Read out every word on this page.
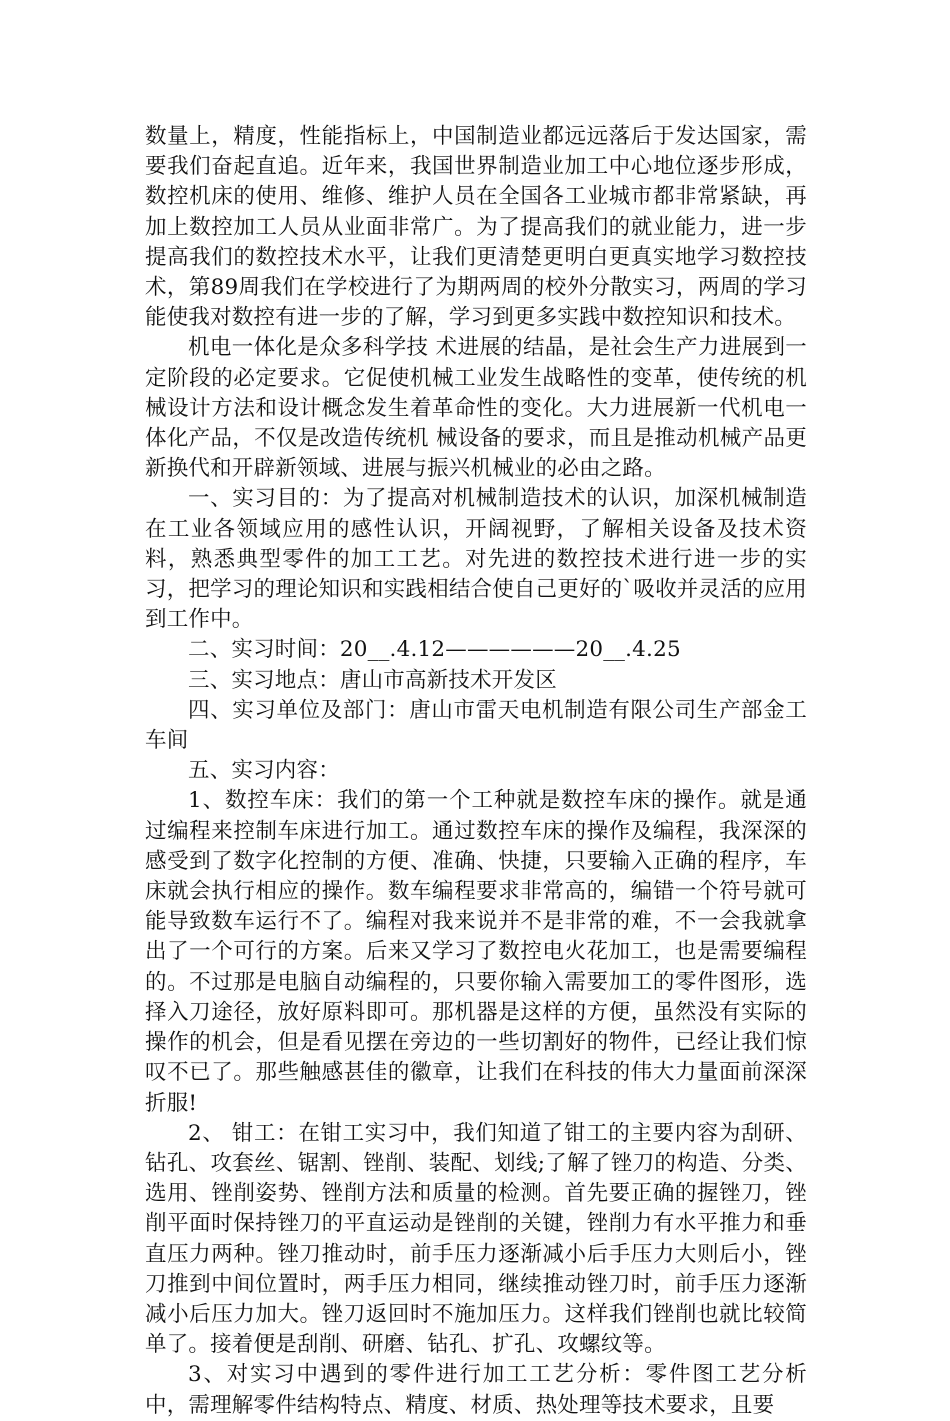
数量上，精度，性能指标上，中国制造业都远远落后于发达国家，需要我们奋起直追。近年来，我国世界制造业加工中心地位逐步形成，数控机床的使用、维修、维护人员在全国各工业城市都非常紧缺，再加上数控加工人员从业面非常广。为了提高我们的就业能力，进一步提高我们的数控技术水平，让我们更清楚更明白更真实地学习数控技术，第89周我们在学校进行了为期两周的校外分散实习，两周的学习能使我对数控有进一步的了解，学习到更多实践中数控知识和技术。

机电一体化是众多科学技 术进展的结晶，是社会生产力进展到一定阶段的必定要求。它促使机械工业发生战略性的变革，使传统的机械设计方法和设计概念发生着革命性的变化。大力进展新一代机电一体化产品，不仅是改造传统机 械设备的要求，而且是推动机械产品更新换代和开辟新领域、进展与振兴机械业的必由之路。

一、实习目的：为了提高对机械制造技术的认识，加深机械制造在工业各领域应用的感性认识，开阔视野，了解相关设备及技术资料，熟悉典型零件的加工工艺。对先进的数控技术进行进一步的实习，把学习的理论知识和实践相结合使自己更好的`吸收并灵活的应用到工作中。

二、实习时间：20__.4.12——————20__.4.25

三、实习地点：唐山市高新技术开发区

四、实习单位及部门：唐山市雷天电机制造有限公司生产部金工车间

五、实习内容：

1、数控车床：我们的第一个工种就是数控车床的操作。就是通过编程来控制车床进行加工。通过数控车床的操作及编程，我深深的感受到了数字化控制的方便、准确、快捷，只要输入正确的程序，车床就会执行相应的操作。数车编程要求非常高的，编错一个符号就可能导致数车运行不了。编程对我来说并不是非常的难，不一会我就拿出了一个可行的方案。后来又学习了数控电火花加工，也是需要编程的。不过那是电脑自动编程的，只要你输入需要加工的零件图形，选择入刀途径，放好原料即可。那机器是这样的方便，虽然没有实际的操作的机会，但是看见摆在旁边的一些切割好的物件，已经让我们惊叹不已了。那些触感甚佳的徽章，让我们在科技的伟大力量面前深深折服!

2、 钳工：在钳工实习中，我们知道了钳工的主要内容为刮研、钻孔、攻套丝、锯割、锉削、装配、划线;了解了锉刀的构造、分类、选用、锉削姿势、锉削方法和质量的检测。首先要正确的握锉刀，锉削平面时保持锉刀的平直运动是锉削的关键，锉削力有水平推力和垂直压力两种。锉刀推动时，前手压力逐渐减小后手压力大则后小，锉刀推到中间位置时，两手压力相同，继续推动锉刀时，前手压力逐渐减小后压力加大。锉刀返回时不施加压力。这样我们锉削也就比较简单了。接着便是刮削、研磨、钻孔、扩孔、攻螺纹等。

3、对实习中遇到的零件进行加工工艺分析：零件图工艺分析中，需理解零件结构特点、精度、材质、热处理等技术要求，且要
